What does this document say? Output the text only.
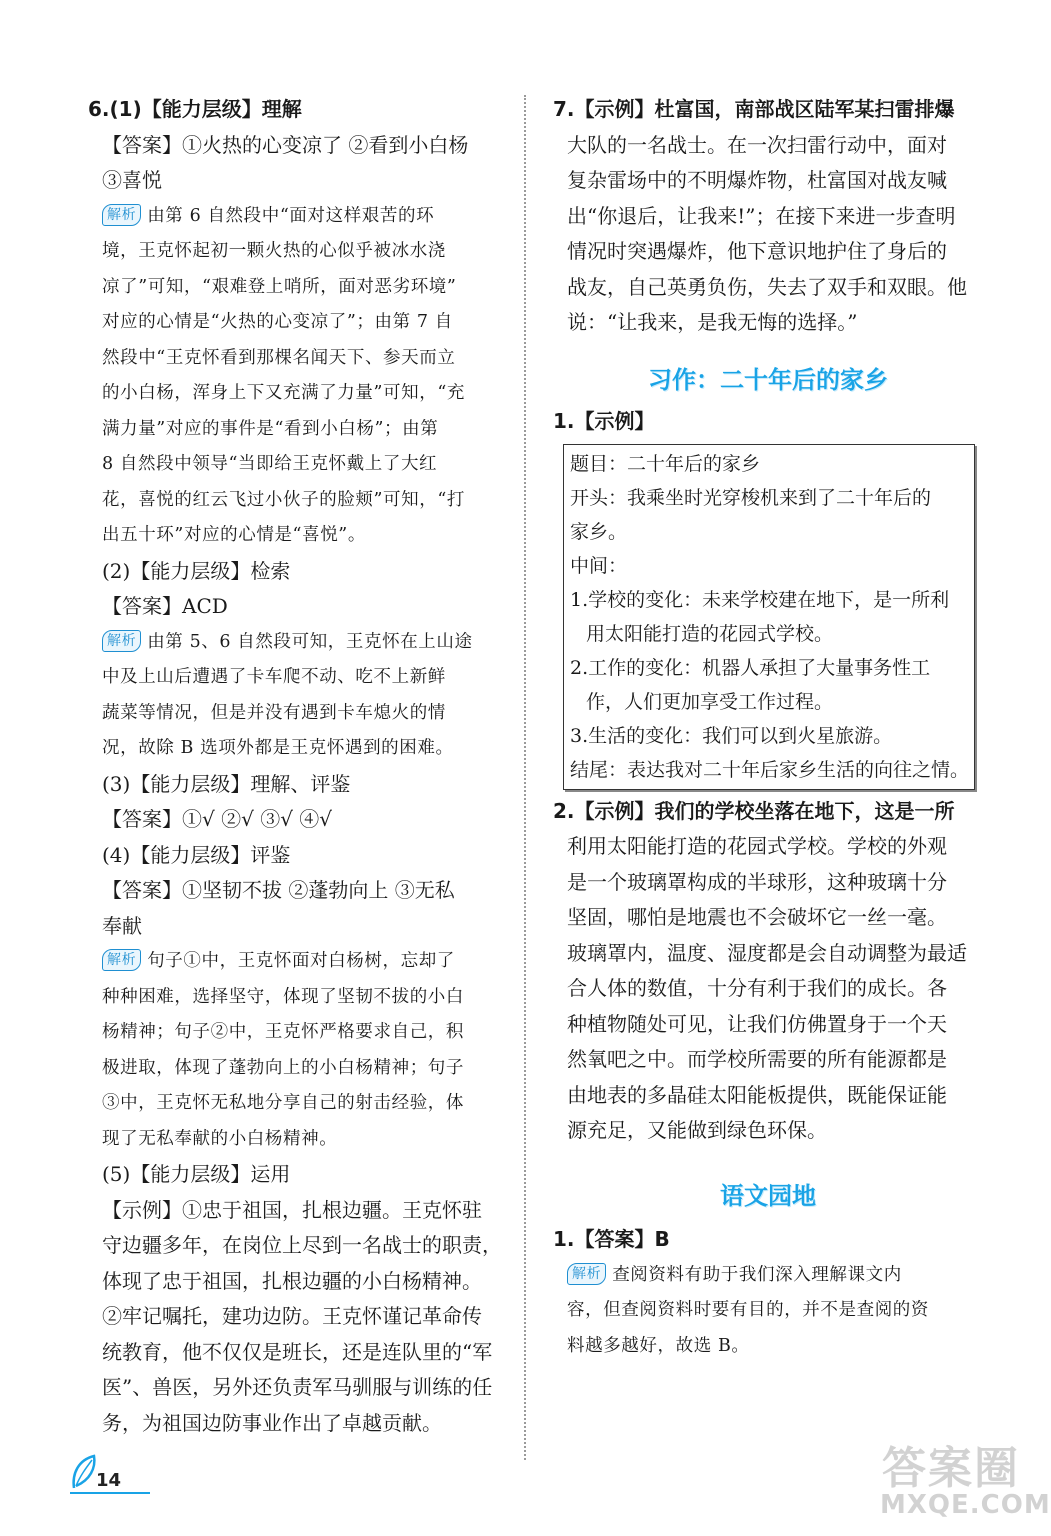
6.(1)【能力层级】理解
【答案】①火热的心变凉了 ②看到小白杨
③喜悦
解析 由第 6 自然段中“面对这样艰苦的环
境，王克怀起初一颗火热的心似乎被冰水浇
凉了”可知，“艰难登上哨所，面对恶劣环境”
对应的心情是“火热的心变凉了”；由第 7 自
然段中“王克怀看到那棵名闻天下、参天而立
的小白杨，浑身上下又充满了力量”可知，“充
满力量”对应的事件是“看到小白杨”；由第
8 自然段中领导“当即给王克怀戴上了大红
花，喜悦的红云飞过小伙子的脸颊”可知，“打
出五十环”对应的心情是“喜悦”。
(2)【能力层级】检索
【答案】ACD
解析 由第 5、6 自然段可知，王克怀在上山途
中及上山后遭遇了卡车爬不动、吃不上新鲜
蔬菜等情况，但是并没有遇到卡车熄火的情
况，故除 B 选项外都是王克怀遇到的困难。
(3)【能力层级】理解、评鉴
【答案】①√ ②√ ③√ ④√
(4)【能力层级】评鉴
【答案】①坚韧不拔 ②蓬勃向上 ③无私
奉献
解析 句子①中，王克怀面对白杨树，忘却了
种种困难，选择坚守，体现了坚韧不拔的小白
杨精神；句子②中，王克怀严格要求自己，积
极进取，体现了蓬勃向上的小白杨精神；句子
③中，王克怀无私地分享自己的射击经验，体
现了无私奉献的小白杨精神。
(5)【能力层级】运用
【示例】①忠于祖国，扎根边疆。王克怀驻
守边疆多年，在岗位上尽到一名战士的职责，
体现了忠于祖国，扎根边疆的小白杨精神。
②牢记嘱托，建功边防。王克怀谨记革命传
统教育，他不仅仅是班长，还是连队里的“军
医”、兽医，另外还负责军马驯服与训练的任
务，为祖国边防事业作出了卓越贡献。
7.【示例】杜富国，南部战区陆军某扫雷排爆
大队的一名战士。在一次扫雷行动中，面对
复杂雷场中的不明爆炸物，杜富国对战友喊
出“你退后，让我来!”；在接下来进一步查明
情况时突遇爆炸，他下意识地护住了身后的
战友，自己英勇负伤，失去了双手和双眼。他
说：“让我来，是我无悔的选择。”
习作：二十年后的家乡
1.【示例】
题目：二十年后的家乡
开头：我乘坐时光穿梭机来到了二十年后的
家乡。
中间：
1.学校的变化：未来学校建在地下，是一所利
用太阳能打造的花园式学校。
2.工作的变化：机器人承担了大量事务性工
作，人们更加享受工作过程。
3.生活的变化：我们可以到火星旅游。
结尾：表达我对二十年后家乡生活的向往之情。
2.【示例】我们的学校坐落在地下，这是一所
利用太阳能打造的花园式学校。学校的外观
是一个玻璃罩构成的半球形，这种玻璃十分
坚固，哪怕是地震也不会破坏它一丝一毫。
玻璃罩内，温度、湿度都是会自动调整为最适
合人体的数值，十分有利于我们的成长。各
种植物随处可见，让我们仿佛置身于一个天
然氧吧之中。而学校所需要的所有能源都是
由地表的多晶硅太阳能板提供，既能保证能
源充足，又能做到绿色环保。
语文园地
1.【答案】B
解析 查阅资料有助于我们深入理解课文内
容，但查阅资料时要有目的，并不是查阅的资
料越多越好，故选 B。
14	答案圈
MXQE.COM
